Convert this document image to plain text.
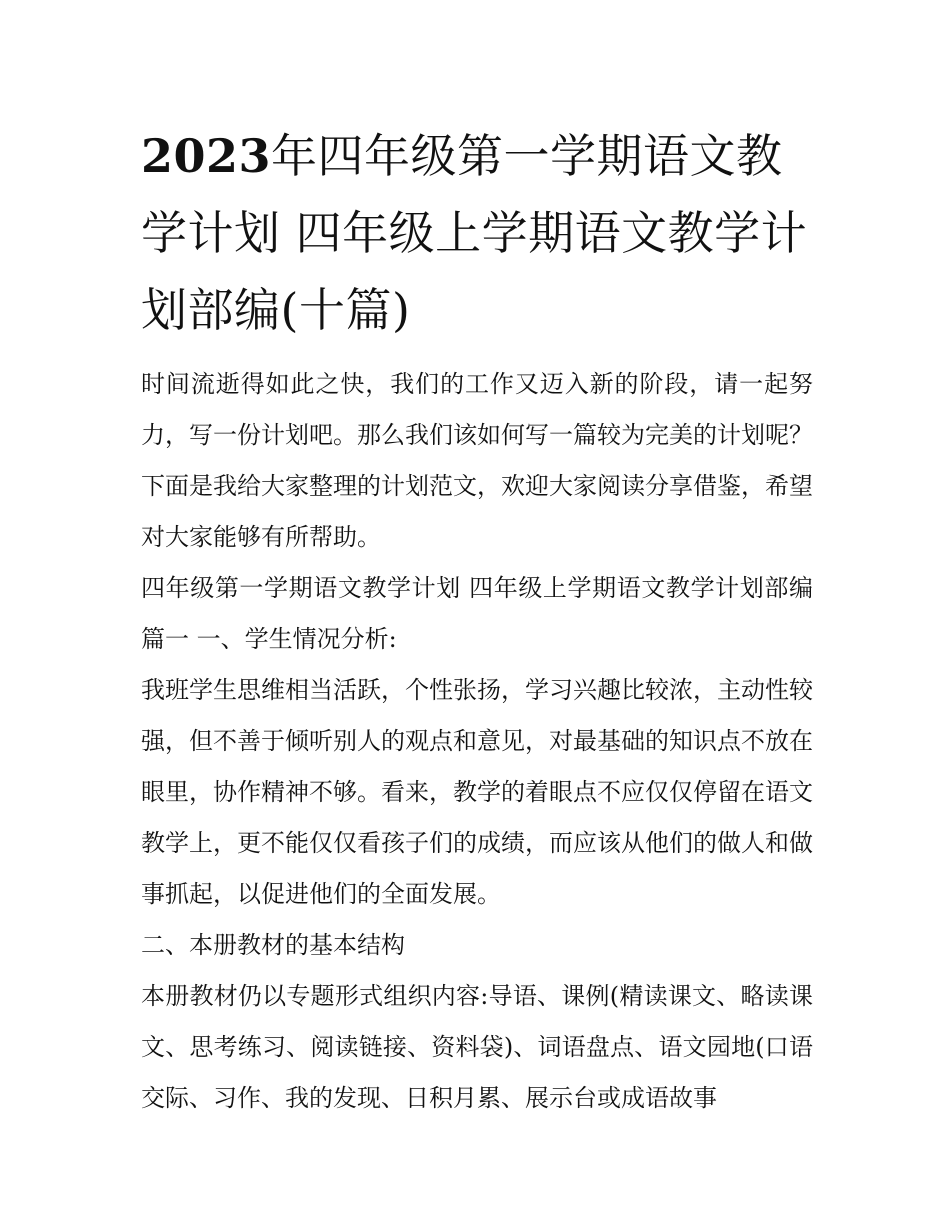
2023年四年级第一学期语文教学计划 四年级上学期语文教学计划部编(十篇)

时间流逝得如此之快，我们的工作又迈入新的阶段，请一起努力，写一份计划吧。那么我们该如何写一篇较为完美的计划呢？下面是我给大家整理的计划范文，欢迎大家阅读分享借鉴，希望对大家能够有所帮助。

四年级第一学期语文教学计划 四年级上学期语文教学计划部编篇一 一、学生情况分析:

我班学生思维相当活跃，个性张扬，学习兴趣比较浓，主动性较强，但不善于倾听别人的观点和意见，对最基础的知识点不放在眼里，协作精神不够。看来，教学的着眼点不应仅仅停留在语文教学上，更不能仅仅看孩子们的成绩，而应该从他们的做人和做事抓起，以促进他们的全面发展。

二、本册教材的基本结构

本册教材仍以专题形式组织内容:导语、课例(精读课文、略读课文、思考练习、阅读链接、资料袋)、词语盘点、语文园地(口语交际、习作、我的发现、日积月累、展示台或成语故事
